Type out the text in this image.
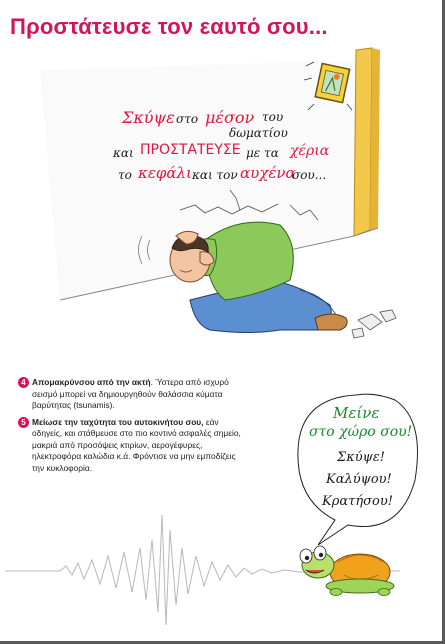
Προστάτευσε τον εαυτό σου...
Σκύψε στο μέσον του
δωματίου
και ΠΡΟΣΤΑΤΕΥΣΕ με τα χέρια
το κεφάλι και τον αυχένα
σου...
4 Απομακρύνσου από την ακτή. Ύστερα από ισχυρό σεισμό μπορεί να δημιουργηθούν θαλάσσια κύματα βαρύτητας (tsunamis).
5 Μείωσε την ταχύτητα του αυτοκινήτου σου, εάν οδηγείς, και στάθμευσε στο πιο κοντινό ασφαλές σημείο, μακριά από προσόψεις κτιρίων, αερογέφυρες, ηλεκτροφόρα καλώδια κ.ά. Φρόντισε να μην εμποδίζεις την κυκλοφορία.
Μείνε
στο χώρο σου!
Σκύψε!
Καλύψου!
Κρατήσου!
